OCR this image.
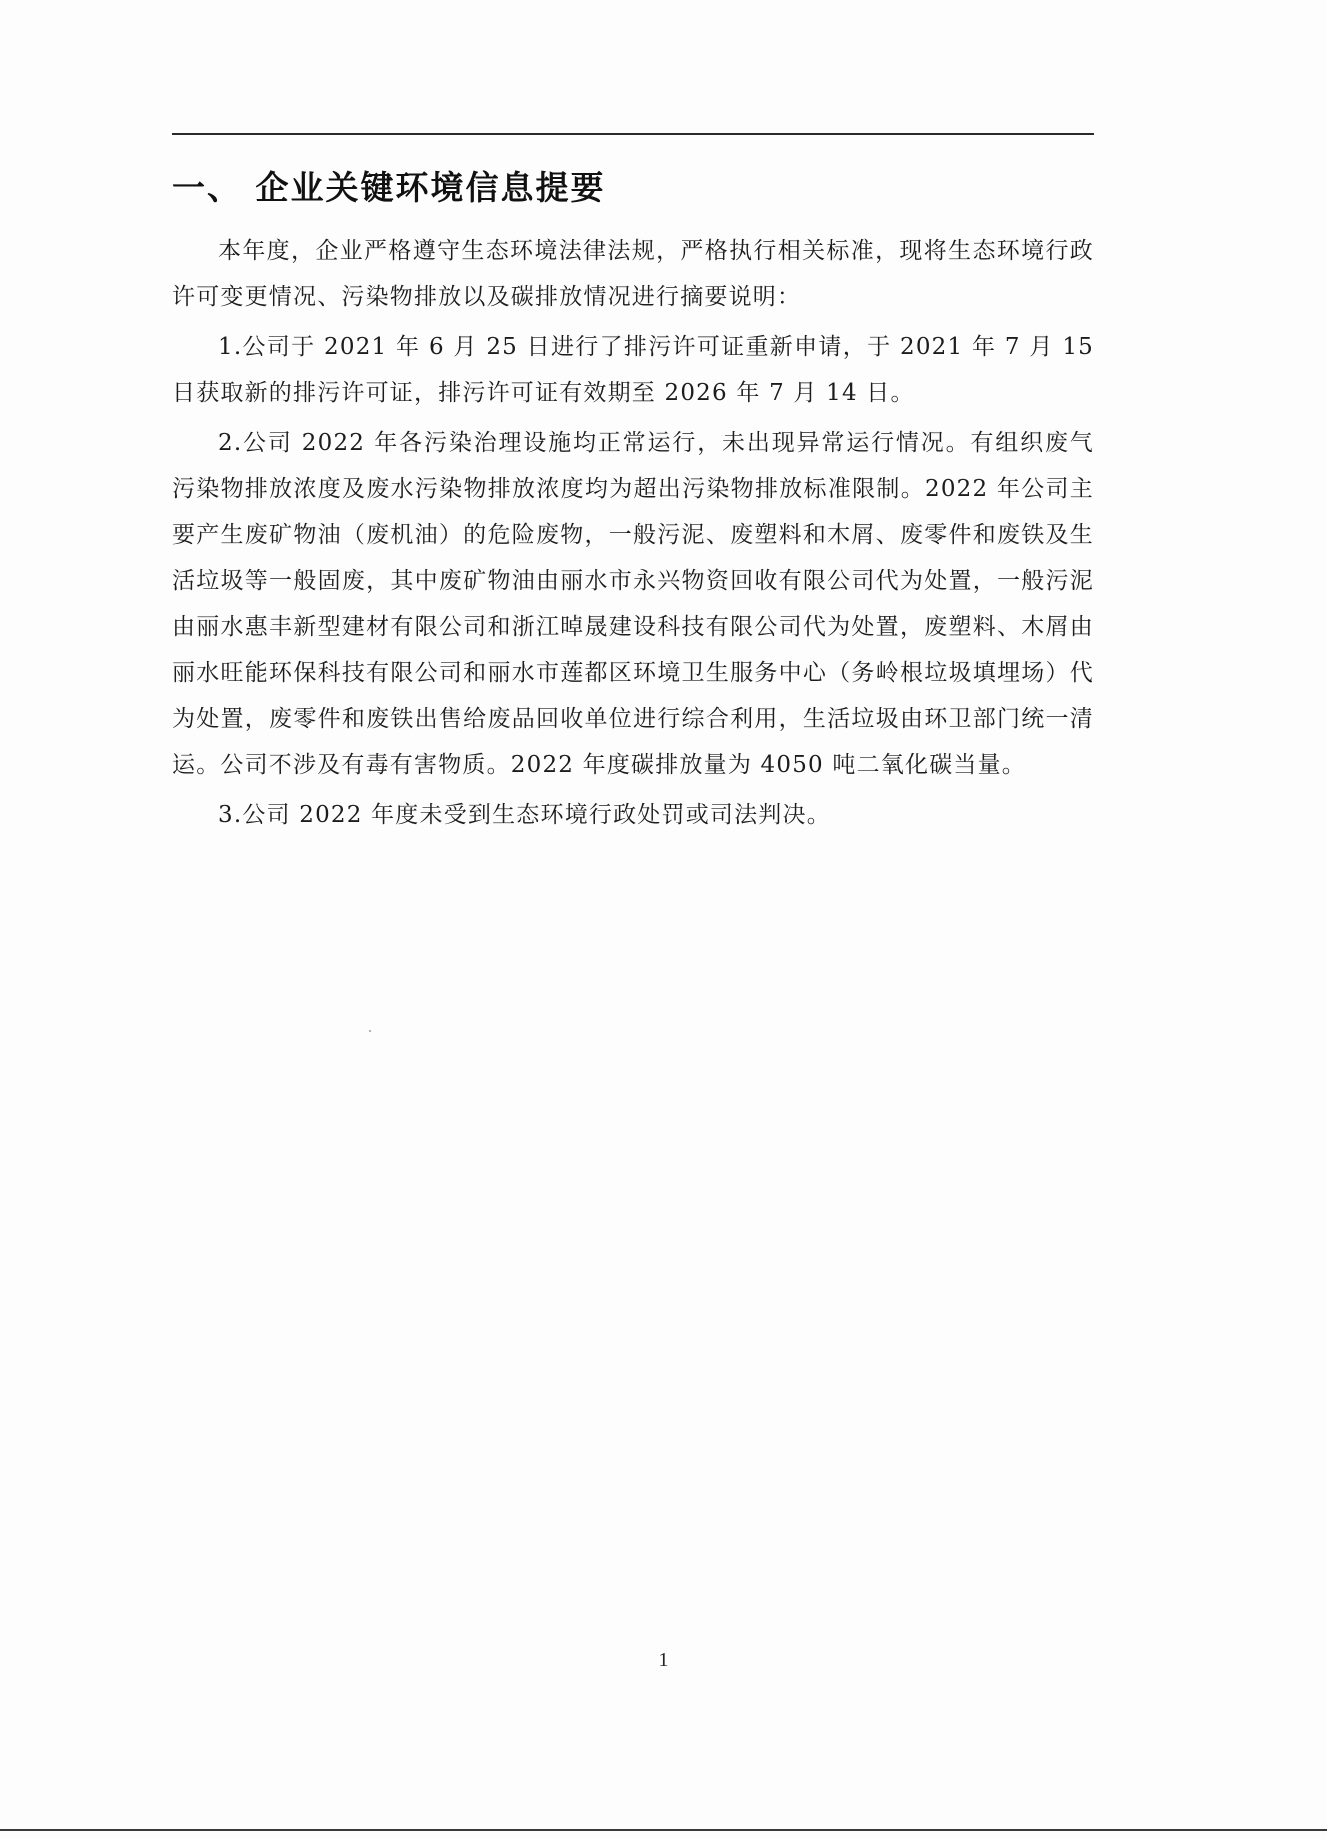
一、 企业关键环境信息提要

本年度，企业严格遵守生态环境法律法规，严格执行相关标准，现将生态环境行政许可变更情况、污染物排放以及碳排放情况进行摘要说明：

1.公司于 2021 年 6 月 25 日进行了排污许可证重新申请，于 2021 年 7 月 15 日获取新的排污许可证，排污许可证有效期至 2026 年 7 月 14 日。

2.公司 2022 年各污染治理设施均正常运行，未出现异常运行情况。有组织废气污染物排放浓度及废水污染物排放浓度均为超出污染物排放标准限制。2022 年公司主要产生废矿物油（废机油）的危险废物，一般污泥、废塑料和木屑、废零件和废铁及生活垃圾等一般固废，其中废矿物油由丽水市永兴物资回收有限公司代为处置，一般污泥由丽水惠丰新型建材有限公司和浙江晫晟建设科技有限公司代为处置，废塑料、木屑由丽水旺能环保科技有限公司和丽水市莲都区环境卫生服务中心（务岭根垃圾填埋场）代为处置，废零件和废铁出售给废品回收单位进行综合利用，生活垃圾由环卫部门统一清运。公司不涉及有毒有害物质。2022 年度碳排放量为 4050 吨二氧化碳当量。

3.公司 2022 年度未受到生态环境行政处罚或司法判决。

1
